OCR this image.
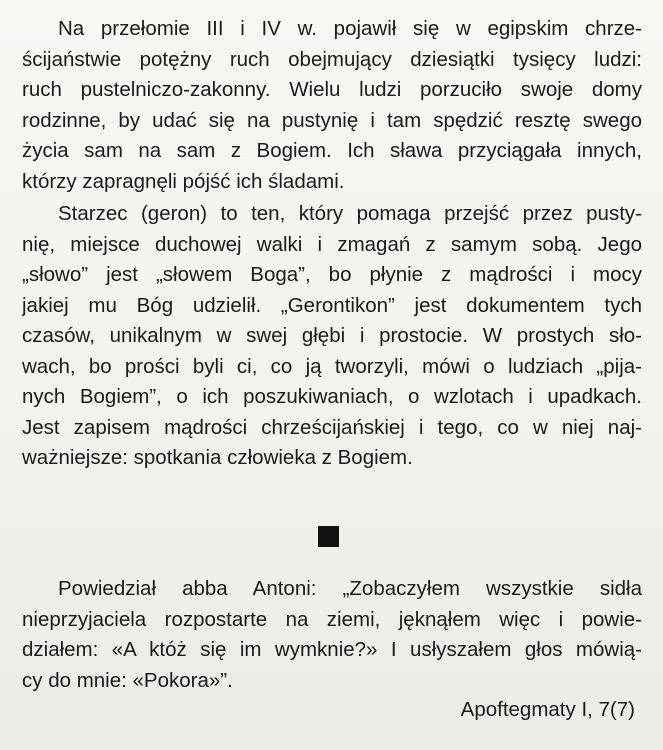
Na przełomie III i IV w. pojawił się w egipskim chrze-
ścijaństwie potężny ruch obejmujący dziesiątki tysięcy ludzi:
ruch pustelniczo-zakonny. Wielu ludzi porzuciło swoje domy
rodzinne, by udać się na pustynię i tam spędzić resztę swego
życia sam na sam z Bogiem. Ich sława przyciągała innych,
którzy zapragnęli pójść ich śladami.
Starzec (geron) to ten, który pomaga przejść przez pusty-
nię, miejsce duchowej walki i zmagań z samym sobą. Jego
„słowo” jest „słowem Boga”, bo płynie z mądrości i mocy
jakiej mu Bóg udzielił. „Gerontikon” jest dokumentem tych
czasów, unikalnym w swej głębi i prostocie. W prostych sło-
wach, bo prości byli ci, co ją tworzyli, mówi o ludziach „pija-
nych Bogiem”, o ich poszukiwaniach, o wzlotach i upadkach.
Jest zapisem mądrości chrześcijańskiej i tego, co w niej naj-
ważniejsze: spotkania człowieka z Bogiem.
Powiedział abba Antoni: „Zobaczyłem wszystkie sidła
nieprzyjaciela rozpostarte na ziemi, jęknąłem więc i powie-
działem: «A któż się im wymknie?» I usłyszałem głos mówią-
cy do mnie: «Pokora»”.
Apoftegmaty I, 7(7)
